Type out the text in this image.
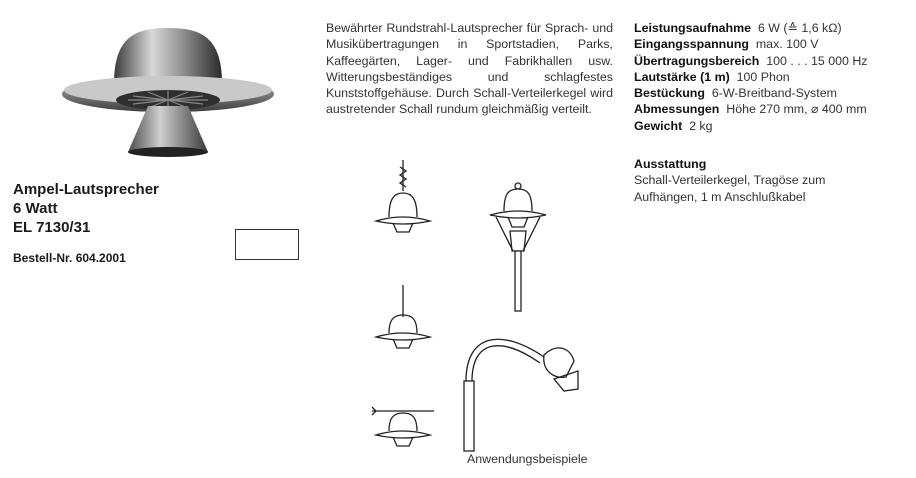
Ampel-Lautsprecher
6 Watt
EL 7130/31
Bestell-Nr. 604.2001
Bewährter Rundstrahl-Lautsprecher für Sprach- und Musikübertragungen in Sportstadien, Parks, Kaffeegärten, Lager- und Fabrikhallen usw. Witterungsbeständiges und schlagfestes Kunststoffgehäuse. Durch Schall-Verteilerkegel wird austretender Schall rundum gleichmäßig verteilt.
Leistungsaufnahme 6 W (≙ 1,6 kΩ)
Eingangsspannung max. 100 V
Übertragungsbereich 100 . . . 15 000 Hz
Lautstärke (1 m) 100 Phon
Bestückung 6-W-Breitband-System
Abmessungen Höhe 270 mm, ⌀ 400 mm
Gewicht 2 kg
Ausstattung
Schall-Verteilerkegel, Tragöse zum
Aufhängen, 1 m Anschlußkabel
Anwendungsbeispiele
